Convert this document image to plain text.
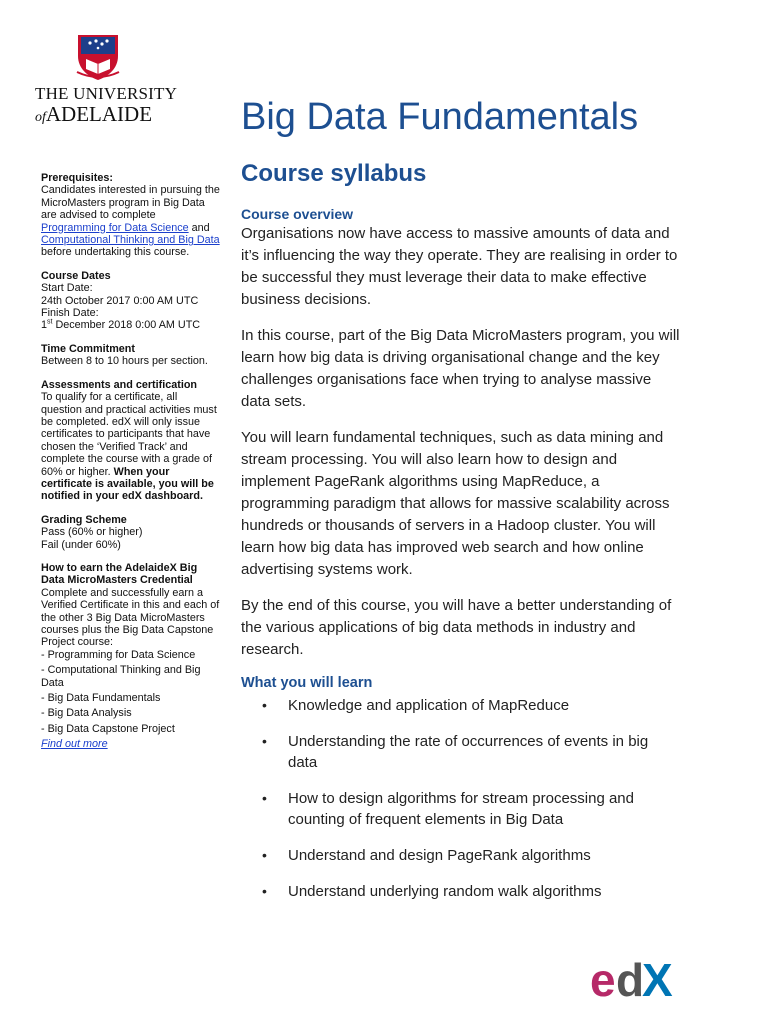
THE UNIVERSITY
ofADELAIDE	Big Data Fundamentals
Prerequisites:
Candidates interested in pursuing the MicroMasters program in Big Data are advised to complete Programming for Data Science and Computational Thinking and Big Data before undertaking this course.
Course Dates
Start Date:
24th October 2017 0:00 AM UTC
Finish Date:
1st December 2018 0:00 AM UTC
Time Commitment
Between 8 to 10 hours per section.
Assessments and certification
To qualify for a certificate, all question and practical activities must be completed. edX will only issue certificates to participants that have chosen the ‘Verified Track’ and complete the course with a grade of 60% or higher. When your certificate is available, you will be notified in your edX dashboard.
Grading Scheme
Pass (60% or higher)
Fail (under 60%)
How to earn the AdelaideX Big Data MicroMasters Credential
Complete and successfully earn a Verified Certificate in this and each of the other 3 Big Data MicroMasters courses plus the Big Data Capstone Project course:
- Programming for Data Science
- Computational Thinking and Big Data
- Big Data Fundamentals
- Big Data Analysis
- Big Data Capstone Project
Find out more
Course syllabus
Course overview

Organisations now have access to massive amounts of data and it’s influencing the way they operate. They are realising in order to be successful they must leverage their data to make effective business decisions.

In this course, part of the Big Data MicroMasters program, you will learn how big data is driving organisational change and the key challenges organisations face when trying to analyse massive data sets.

You will learn fundamental techniques, such as data mining and stream processing. You will also learn how to design and implement PageRank algorithms using MapReduce, a programming paradigm that allows for massive scalability across hundreds or thousands of servers in a Hadoop cluster. You will learn how big data has improved web search and how online advertising systems work.

By the end of this course, you will have a better understanding of the various applications of big data methods in industry and research.

What you will learn
• Knowledge and application of MapReduce
• Understanding the rate of occurrences of events in big data
• How to design algorithms for stream processing and counting of frequent elements in Big Data
• Understand and design PageRank algorithms
• Understand underlying random walk algorithms
e d
X
